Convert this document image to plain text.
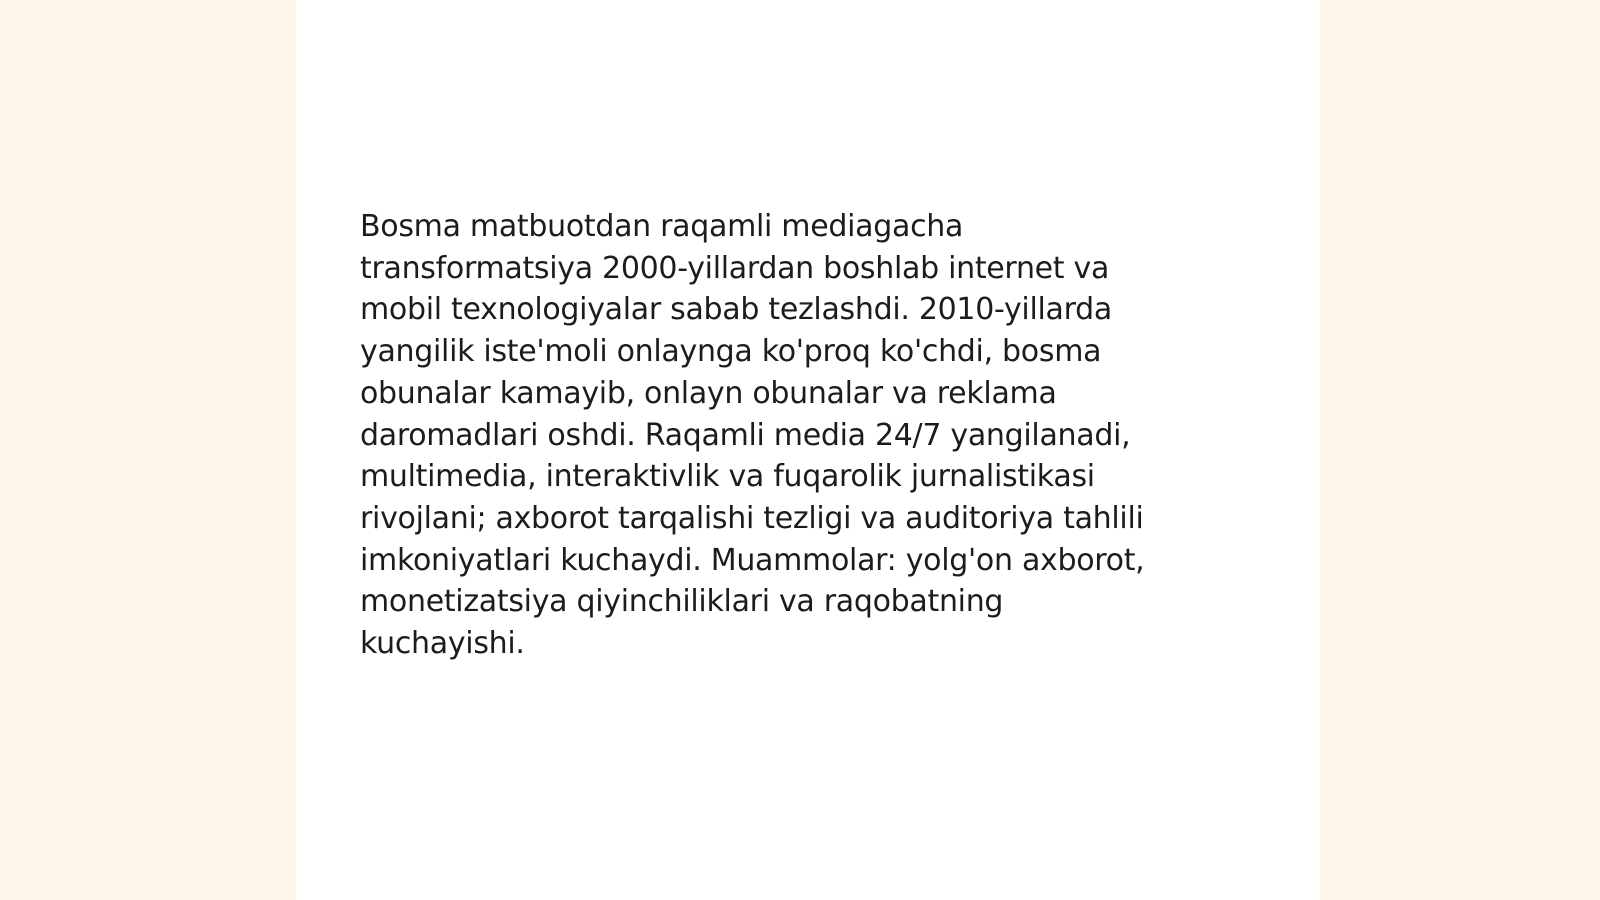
Bosma matbuotdan raqamli mediagacha
transformatsiya 2000-yillardan boshlab internet va
mobil texnologiyalar sabab tezlashdi. 2010-yillarda
yangilik iste'moli onlaynga ko'proq ko'chdi, bosma
obunalar kamayib, onlayn obunalar va reklama
daromadlari oshdi. Raqamli media 24/7 yangilanadi,
multimedia, interaktivlik va fuqarolik jurnalistikasi
rivojlani; axborot tarqalishi tezligi va auditoriya tahlili
imkoniyatlari kuchaydi. Muammolar: yolg'on axborot,
monetizatsiya qiyinchiliklari va raqobatning
kuchayishi.
